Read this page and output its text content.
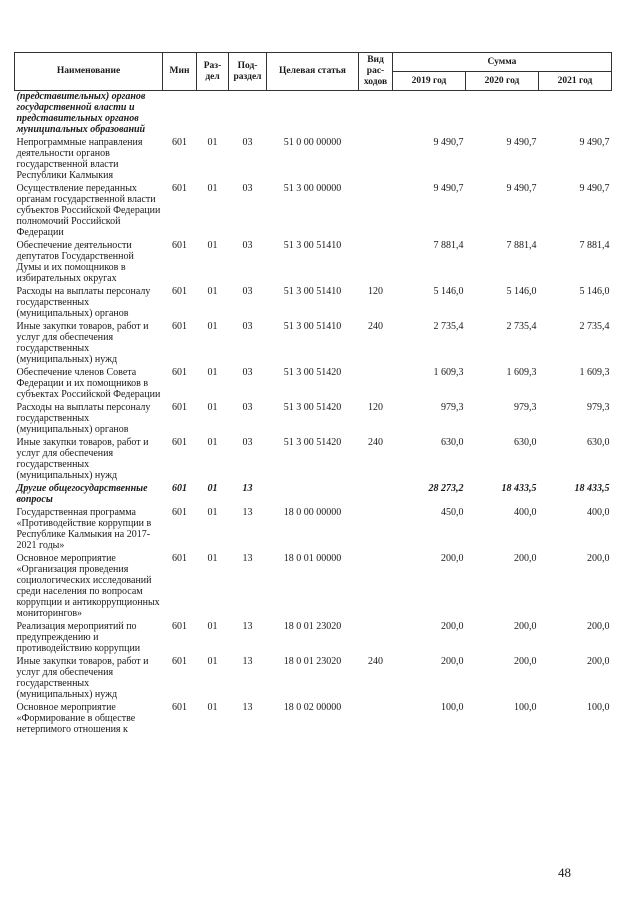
Наименование	Мин	Раз-дел	Под-раздел	Целевая статья	Вид рас-ходов	Сумма		
						2019 год	2020 год	2021 год
(представительных) органов государственной власти и представительных органов муниципальных образований								
Непрограммные направления деятельности органов государственной власти Республики Калмыкия	601	01	03	51 0 00 00000		9 490,7	9 490,7	9 490,7
Осуществление переданных органам государственной власти субъектов Российской Федерации полномочий Российской Федерации	601	01	03	51 3 00 00000		9 490,7	9 490,7	9 490,7
Обеспечение деятельности депутатов Государственной Думы и их помощников в избирательных округах	601	01	03	51 3 00 51410		7 881,4	7 881,4	7 881,4
Расходы на выплаты персоналу государственных (муниципальных) органов	601	01	03	51 3 00 51410	120	5 146,0	5 146,0	5 146,0
Иные закупки товаров, работ и услуг для обеспечения государственных (муниципальных) нужд	601	01	03	51 3 00 51410	240	2 735,4	2 735,4	2 735,4
Обеспечение членов Совета Федерации и их помощников в субъектах Российской Федерации	601	01	03	51 3 00 51420		1 609,3	1 609,3	1 609,3
Расходы на выплаты персоналу государственных (муниципальных) органов	601	01	03	51 3 00 51420	120	979,3	979,3	979,3
Иные закупки товаров, работ и услуг для обеспечения государственных (муниципальных) нужд	601	01	03	51 3 00 51420	240	630,0	630,0	630,0
Другие общегосударственные вопросы	601	01	13			28 273,2	18 433,5	18 433,5
Государственная программа «Противодействие коррупции в Республике Калмыкия на 2017-2021 годы»	601	01	13	18 0 00 00000		450,0	400,0	400,0
Основное мероприятие «Организация проведения социологических исследований среди населения по вопросам коррупции и антикоррупционных мониторингов»	601	01	13	18 0 01 00000		200,0	200,0	200,0
Реализация мероприятий по предупреждению и противодействию коррупции	601	01	13	18 0 01 23020		200,0	200,0	200,0
Иные закупки товаров, работ и услуг для обеспечения государственных (муниципальных) нужд	601	01	13	18 0 01 23020	240	200,0	200,0	200,0
Основное мероприятие «Формирование в обществе нетерпимого отношения к	601	01	13	18 0 02 00000		100,0	100,0	100,0
48
